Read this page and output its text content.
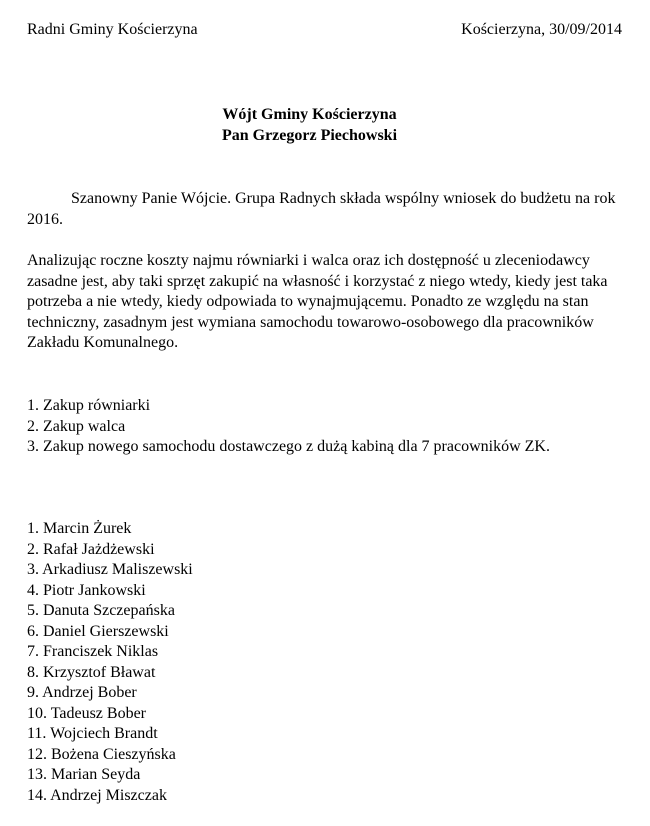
Radni Gminy Kościerzyna	Kościerzyna, 30/09/2014
Wójt Gminy Kościerzyna
Pan Grzegorz Piechowski

Szanowny Panie Wójcie. Grupa Radnych składa wspólny wniosek do budżetu na rok 2016.

Analizując roczne koszty najmu równiarki i walca oraz ich dostępność u zleceniodawcy zasadne jest, aby taki sprzęt zakupić na własność i korzystać z niego wtedy, kiedy jest taka potrzeba a nie wtedy, kiedy odpowiada to wynajmującemu. Ponadto ze względu na stan techniczny, zasadnym jest wymiana samochodu towarowo-osobowego dla pracowników Zakładu Komunalnego.

1. Zakup równiarki
2. Zakup walca
3. Zakup nowego samochodu dostawczego z dużą kabiną dla 7 pracowników ZK.
1. Marcin Żurek
2. Rafał Jażdżewski
3. Arkadiusz Maliszewski
4. Piotr Jankowski
5. Danuta Szczepańska
6. Daniel Gierszewski
7. Franciszek Niklas
8. Krzysztof Bławat
9. Andrzej Bober
10. Tadeusz Bober
11. Wojciech Brandt
12. Bożena Cieszyńska
13. Marian Seyda
14. Andrzej Miszczak
